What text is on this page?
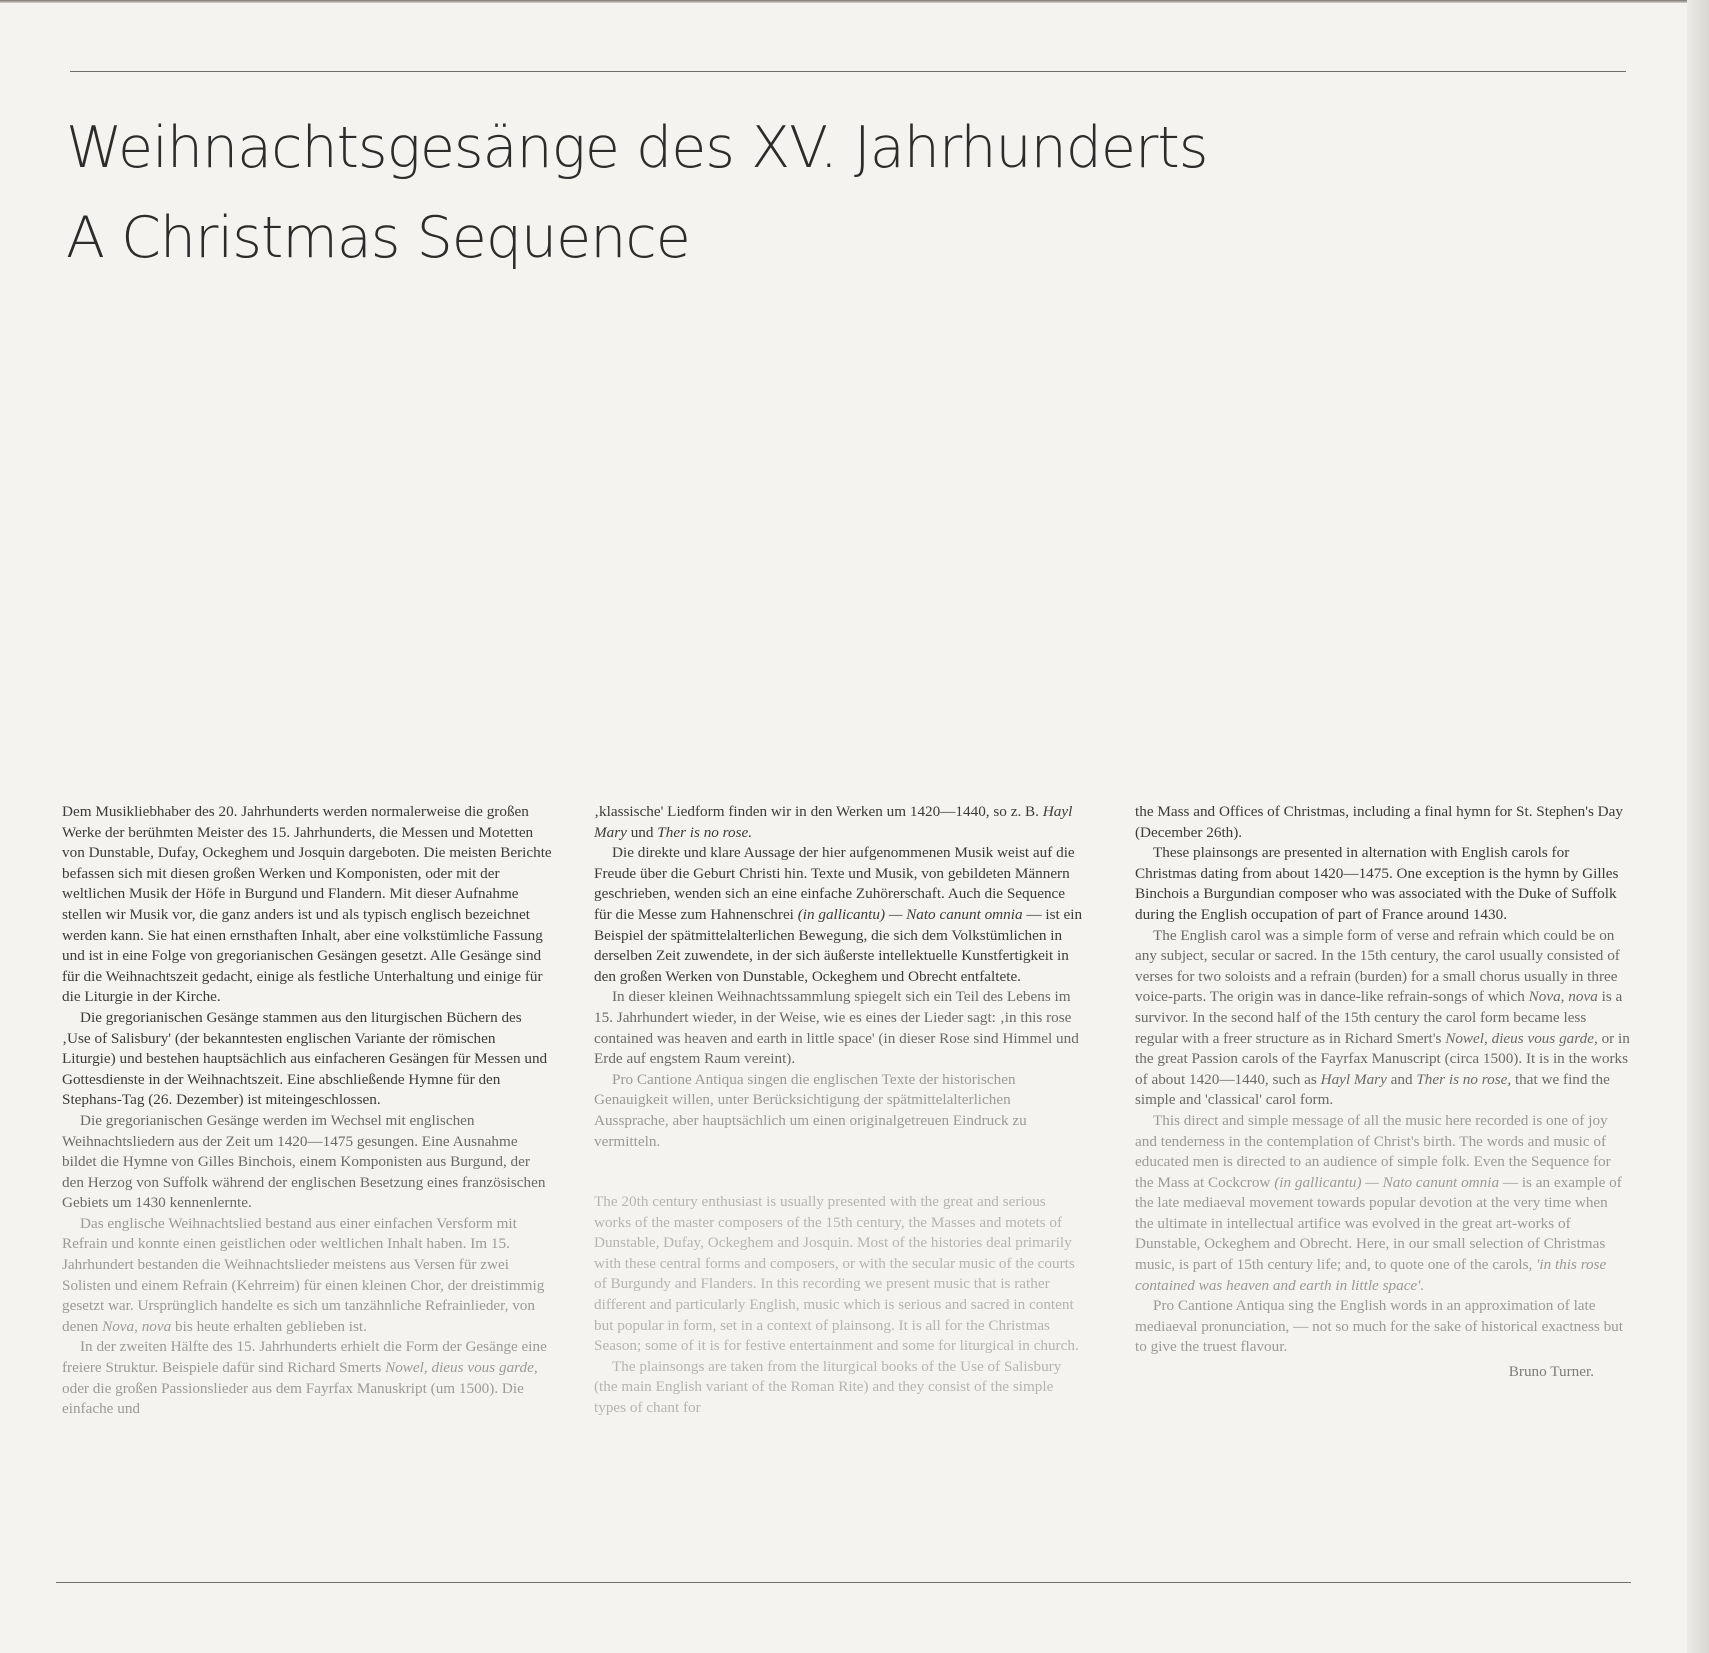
Weihnachtsgesänge des XV. Jahrhunderts
A Christmas Sequence

Dem Musikliebhaber des 20. Jahrhunderts werden normalerweise die großen Werke der berühmten Meister des 15. Jahrhunderts, die Messen und Motetten von Dunstable, Dufay, Ockeghem und Josquin dargeboten. Die meisten Berichte befassen sich mit diesen großen Werken und Komponisten, oder mit der weltlichen Musik der Höfe in Burgund und Flandern. Mit dieser Aufnahme stellen wir Musik vor, die ganz anders ist und als typisch englisch bezeichnet werden kann. Sie hat einen ernsthaften Inhalt, aber eine volkstümliche Fassung und ist in eine Folge von gregorianischen Gesängen gesetzt. Alle Gesänge sind für die Weihnachtszeit gedacht, einige als festliche Unterhaltung und einige für die Liturgie in der Kirche.

Die gregorianischen Gesänge stammen aus den liturgischen Büchern des ‚Use of Salisbury' (der bekanntesten englischen Variante der römischen Liturgie) und bestehen hauptsächlich aus einfacheren Gesängen für Messen und Gottesdienste in der Weihnachtszeit. Eine abschließende Hymne für den Stephans-Tag (26. Dezember) ist miteingeschlossen.

Die gregorianischen Gesänge werden im Wechsel mit englischen Weihnachtsliedern aus der Zeit um 1420—1475 gesungen. Eine Ausnahme bildet die Hymne von Gilles Binchois, einem Komponisten aus Burgund, der den Herzog von Suffolk während der englischen Besetzung eines französischen Gebiets um 1430 kennenlernte.

Das englische Weihnachtslied bestand aus einer einfachen Versform mit Refrain und konnte einen geistlichen oder weltlichen Inhalt haben. Im 15. Jahrhundert bestanden die Weihnachtslieder meistens aus Versen für zwei Solisten und einem Refrain (Kehrreim) für einen kleinen Chor, der dreistimmig gesetzt war. Ursprünglich handelte es sich um tanzähnliche Refrainlieder, von denen Nova, nova bis heute erhalten geblieben ist.

In der zweiten Hälfte des 15. Jahrhunderts erhielt die Form der Gesänge eine freiere Struktur. Beispiele dafür sind Richard Smerts Nowel, dieus vous garde, oder die großen Passionslieder aus dem Fayrfax Manuskript (um 1500). Die einfache und

‚klassische' Liedform finden wir in den Werken um 1420—1440, so z. B. Hayl Mary und Ther is no rose.

Die direkte und klare Aussage der hier aufgenommenen Musik weist auf die Freude über die Geburt Christi hin. Texte und Musik, von gebildeten Männern geschrieben, wenden sich an eine einfache Zuhörerschaft. Auch die Sequence für die Messe zum Hahnenschrei (in gallicantu) — Nato canunt omnia — ist ein Beispiel der spätmittelalterlichen Bewegung, die sich dem Volkstümlichen in derselben Zeit zuwendete, in der sich äußerste intellektuelle Kunstfertigkeit in den großen Werken von Dunstable, Ockeghem und Obrecht entfaltete.

In dieser kleinen Weihnachtssammlung spiegelt sich ein Teil des Lebens im 15. Jahrhundert wieder, in der Weise, wie es eines der Lieder sagt: ‚in this rose contained was heaven and earth in little space' (in dieser Rose sind Himmel und Erde auf engstem Raum vereint).

Pro Cantione Antiqua singen die englischen Texte der historischen Genauigkeit willen, unter Berücksichtigung der spätmittelalterlichen Aussprache, aber hauptsächlich um einen originalgetreuen Eindruck zu vermitteln.

The 20th century enthusiast is usually presented with the great and serious works of the master composers of the 15th century, the Masses and motets of Dunstable, Dufay, Ockeghem and Josquin. Most of the histories deal primarily with these central forms and composers, or with the secular music of the courts of Burgundy and Flanders. In this recording we present music that is rather different and particularly English, music which is serious and sacred in content but popular in form, set in a context of plainsong. It is all for the Christmas Season; some of it is for festive entertainment and some for liturgical in church.

The plainsongs are taken from the liturgical books of the Use of Salisbury (the main English variant of the Roman Rite) and they consist of the simple types of chant for

the Mass and Offices of Christmas, including a final hymn for St. Stephen's Day (December 26th).

These plainsongs are presented in alternation with English carols for Christmas dating from about 1420—1475. One exception is the hymn by Gilles Binchois a Burgundian composer who was associated with the Duke of Suffolk during the English occupation of part of France around 1430.

The English carol was a simple form of verse and refrain which could be on any subject, secular or sacred. In the 15th century, the carol usually consisted of verses for two soloists and a refrain (burden) for a small chorus usually in three voice-parts. The origin was in dance-like refrain-songs of which Nova, nova is a survivor. In the second half of the 15th century the carol form became less regular with a freer structure as in Richard Smert's Nowel, dieus vous garde, or in the great Passion carols of the Fayrfax Manuscript (circa 1500). It is in the works of about 1420—1440, such as Hayl Mary and Ther is no rose, that we find the simple and 'classical' carol form.

This direct and simple message of all the music here recorded is one of joy and tenderness in the contemplation of Christ's birth. The words and music of educated men is directed to an audience of simple folk. Even the Sequence for the Mass at Cockcrow (in gallicantu) — Nato canunt omnia — is an example of the late mediaeval movement towards popular devotion at the very time when the ultimate in intellectual artifice was evolved in the great art-works of Dunstable, Ockeghem and Obrecht. Here, in our small selection of Christmas music, is part of 15th century life; and, to quote one of the carols, 'in this rose contained was heaven and earth in little space'.

Pro Cantione Antiqua sing the English words in an approximation of late mediaeval pronunciation, — not so much for the sake of historical exactness but to give the truest flavour.

Bruno Turner.
